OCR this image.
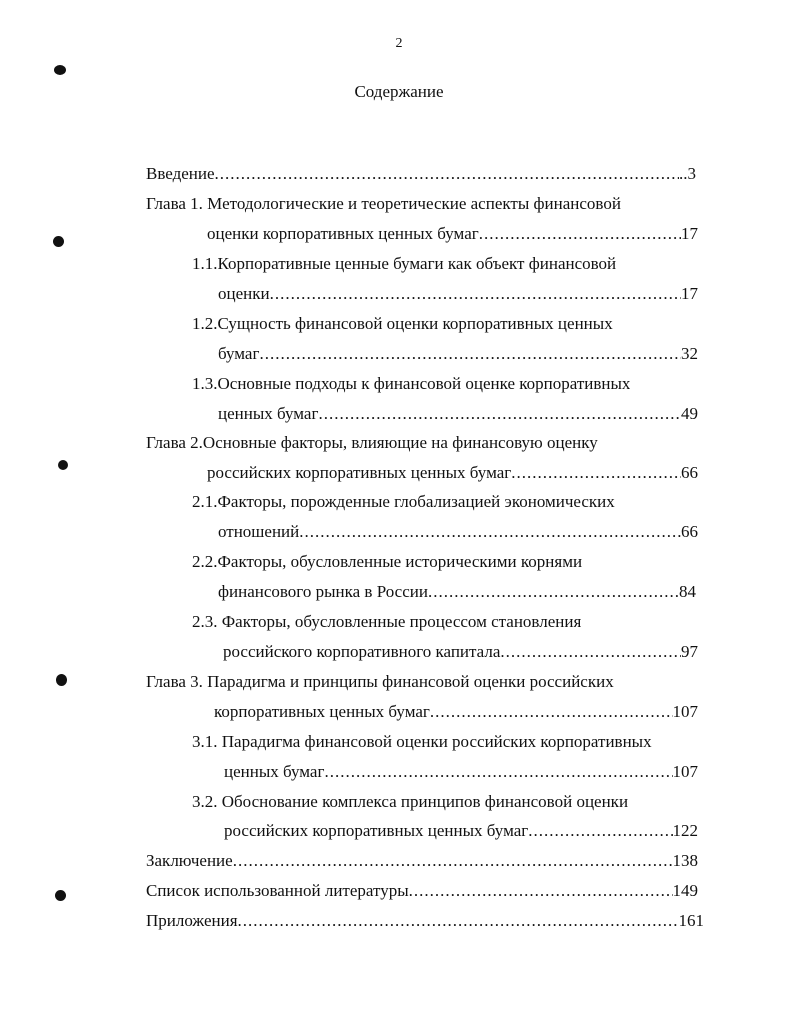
2
Содержание
Введение .....	..3
Глава 1. Методологические и теоретические аспекты финансовой
оценки корпоративных ценных бумаг .....	17
1.1.Корпоративные ценные бумаги как объект финансовой
оценки .....	17
1.2.Сущность финансовой оценки корпоративных ценных
бумаг .....	32
1.3.Основные подходы к финансовой оценке корпоративных
ценных бумаг .....	49
Глава 2.Основные факторы, влияющие на финансовую оценку
российских корпоративных ценных бумаг .....	66
2.1.Факторы, порожденные глобализацией экономических
отношений .....	66
2.2.Факторы, обусловленные историческими корнями
финансового рынка в России .....	84
2.3. Факторы, обусловленные процессом становления
российского корпоративного капитала .....	97
Глава 3. Парадигма и принципы финансовой оценки российских
корпоративных ценных бумаг .....	107
3.1. Парадигма финансовой оценки российских корпоративных
ценных бумаг .....	107
3.2. Обоснование комплекса принципов финансовой оценки
российских корпоративных ценных бумаг .....	122
Заключение .....	138
Список использованной литературы .....	149
Приложения .....	161
